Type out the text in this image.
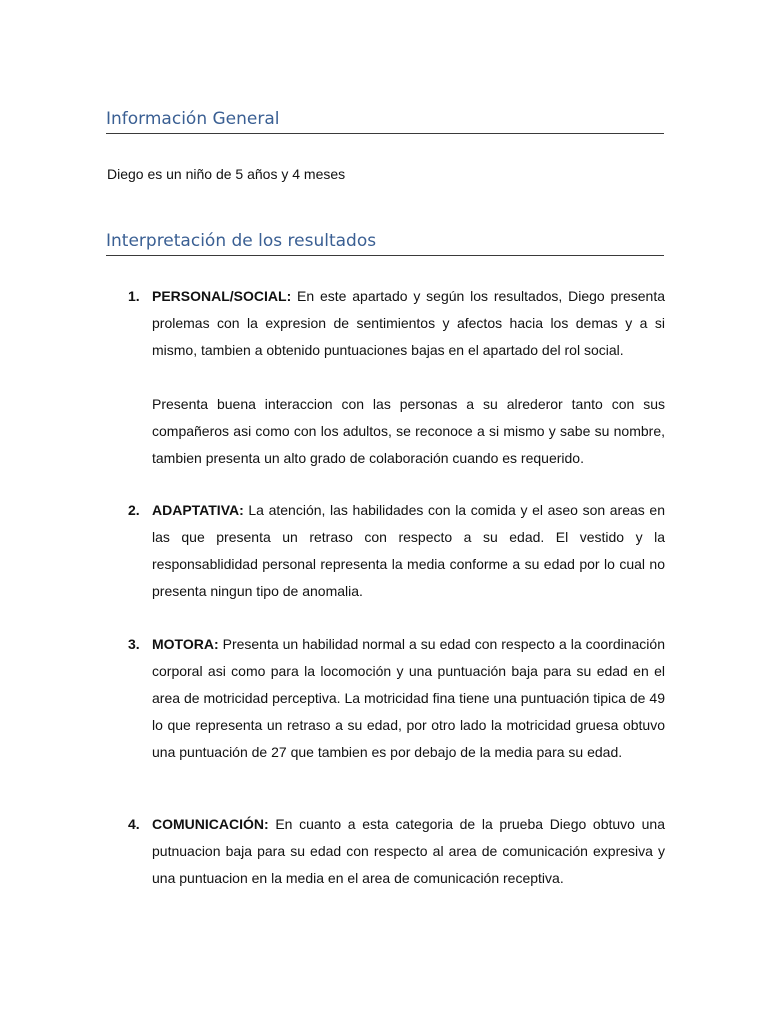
Información General

Diego es un niño de 5 años y 4 meses

Interpretación de los resultados
1. PERSONAL/SOCIAL: En este apartado y según los resultados, Diego presenta prolemas con la expresion de sentimientos y afectos hacia los demas y a si mismo, tambien a obtenido puntuaciones bajas en el apartado del rol social.

Presenta buena interaccion con las personas a su alrederor tanto con sus compañeros asi como con los adultos, se reconoce a si mismo y sabe su nombre, tambien presenta un alto grado de colaboración cuando es requerido.

2. ADAPTATIVA: La atención, las habilidades con la comida y el aseo son areas en las que presenta un retraso con respecto a su edad. El vestido y la responsablididad personal representa la media conforme a su edad por lo cual no presenta ningun tipo de anomalia.

3. MOTORA: Presenta un habilidad normal a su edad con respecto a la coordinación corporal asi como para la locomoción y una puntuación baja para su edad en el area de motricidad perceptiva. La motricidad fina tiene una puntuación tipica de 49 lo que representa un retraso a su edad, por otro lado la motricidad gruesa obtuvo una puntuación de 27 que tambien es por debajo de la media para su edad.

4. COMUNICACIÓN: En cuanto a esta categoria de la prueba Diego obtuvo una putnuacion baja para su edad con respecto al area de comunicación expresiva y una puntuacion en la media en el area de comunicación receptiva.
